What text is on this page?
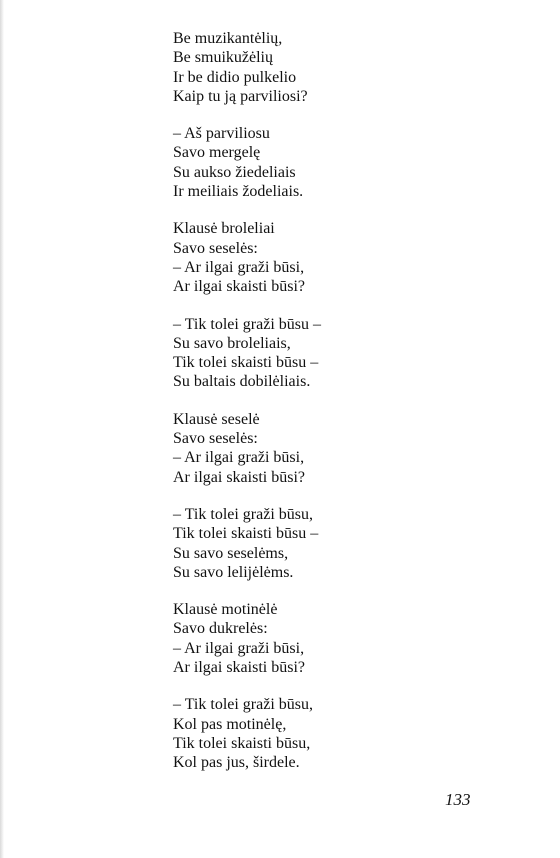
Be muzikantėlių,
Be smuikužėlių
Ir be didio pulkelio
Kaip tu ją parviliosi?
– Aš parviliosu
Savo mergelę
Su aukso žiedeliais
Ir meiliais žodeliais.
Klausė broleliai
Savo seselės:
– Ar ilgai graži būsi,
Ar ilgai skaisti būsi?
– Tik tolei graži būsu –
Su savo broleliais,
Tik tolei skaisti būsu –
Su baltais dobilėliais.
Klausė seselė
Savo seselės:
– Ar ilgai graži būsi,
Ar ilgai skaisti būsi?
– Tik tolei graži būsu,
Tik tolei skaisti būsu –
Su savo seselėms,
Su savo lelijėlėms.
Klausė motinėlė
Savo dukrelės:
– Ar ilgai graži būsi,
Ar ilgai skaisti būsi?
– Tik tolei graži būsu,
Kol pas motinėlę,
Tik tolei skaisti būsu,
Kol pas jus, širdele.
133
